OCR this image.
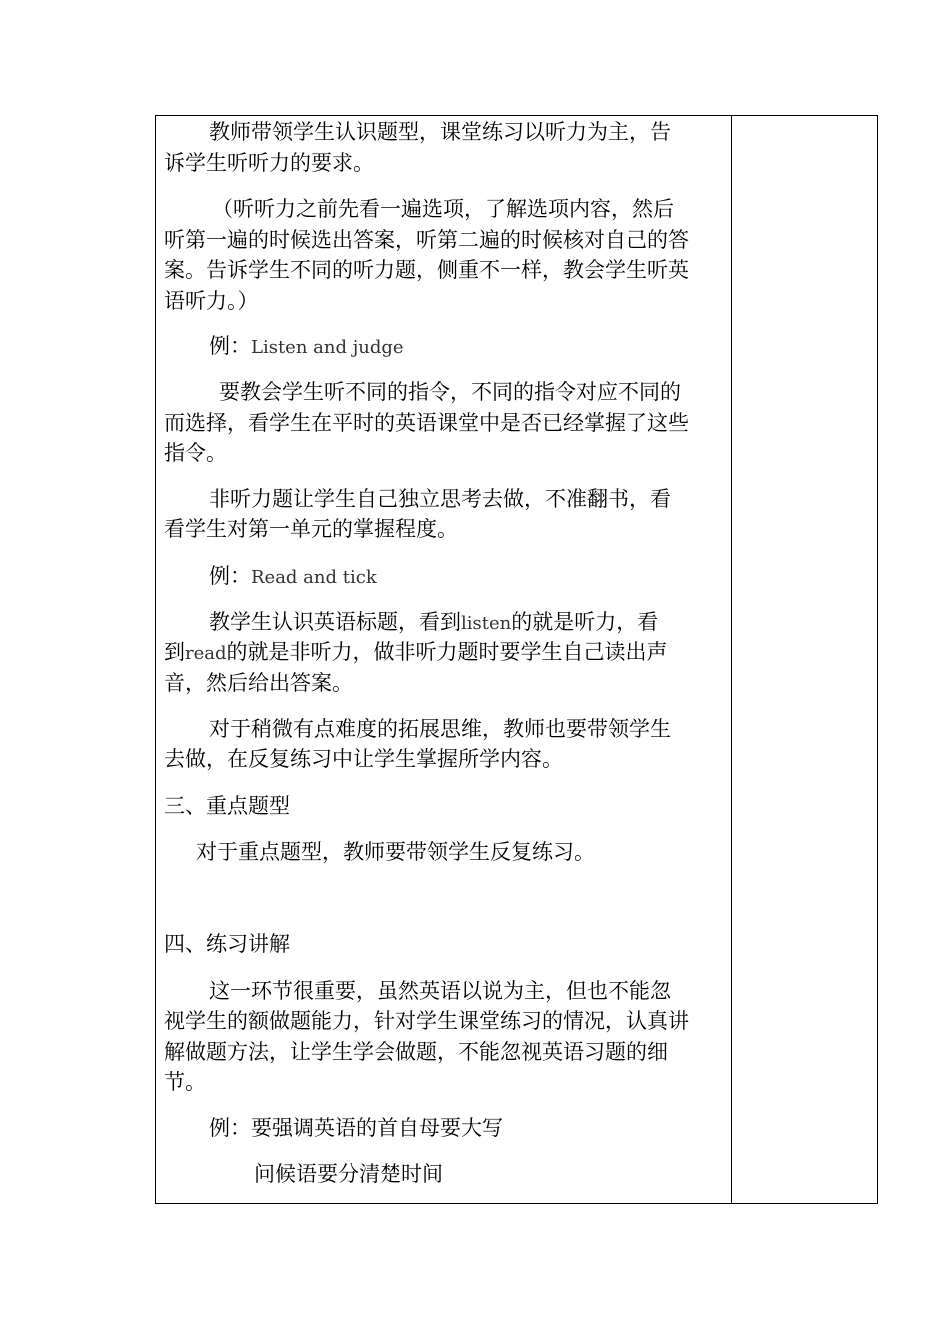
教师带领学生认识题型，课堂练习以听力为主，告
诉学生听听力的要求。
（听听力之前先看一遍选项，了解选项内容，然后
听第一遍的时候选出答案，听第二遍的时候核对自己的答
案。告诉学生不同的听力题，侧重不一样，教会学生听英
语听力。）
例：Listen and judge
要教会学生听不同的指令，不同的指令对应不同的
而选择，看学生在平时的英语课堂中是否已经掌握了这些
指令。
非听力题让学生自己独立思考去做，不准翻书，看
看学生对第一单元的掌握程度。
例：Read and tick
教学生认识英语标题，看到listen的就是听力，看
到read的就是非听力，做非听力题时要学生自己读出声
音，然后给出答案。
对于稍微有点难度的拓展思维，教师也要带领学生
去做，在反复练习中让学生掌握所学内容。
三、重点题型
对于重点题型，教师要带领学生反复练习。
四、练习讲解
这一环节很重要，虽然英语以说为主，但也不能忽
视学生的额做题能力，针对学生课堂练习的情况，认真讲
解做题方法，让学生学会做题，不能忽视英语习题的细
节。
例：要强调英语的首自母要大写
问候语要分清楚时间
